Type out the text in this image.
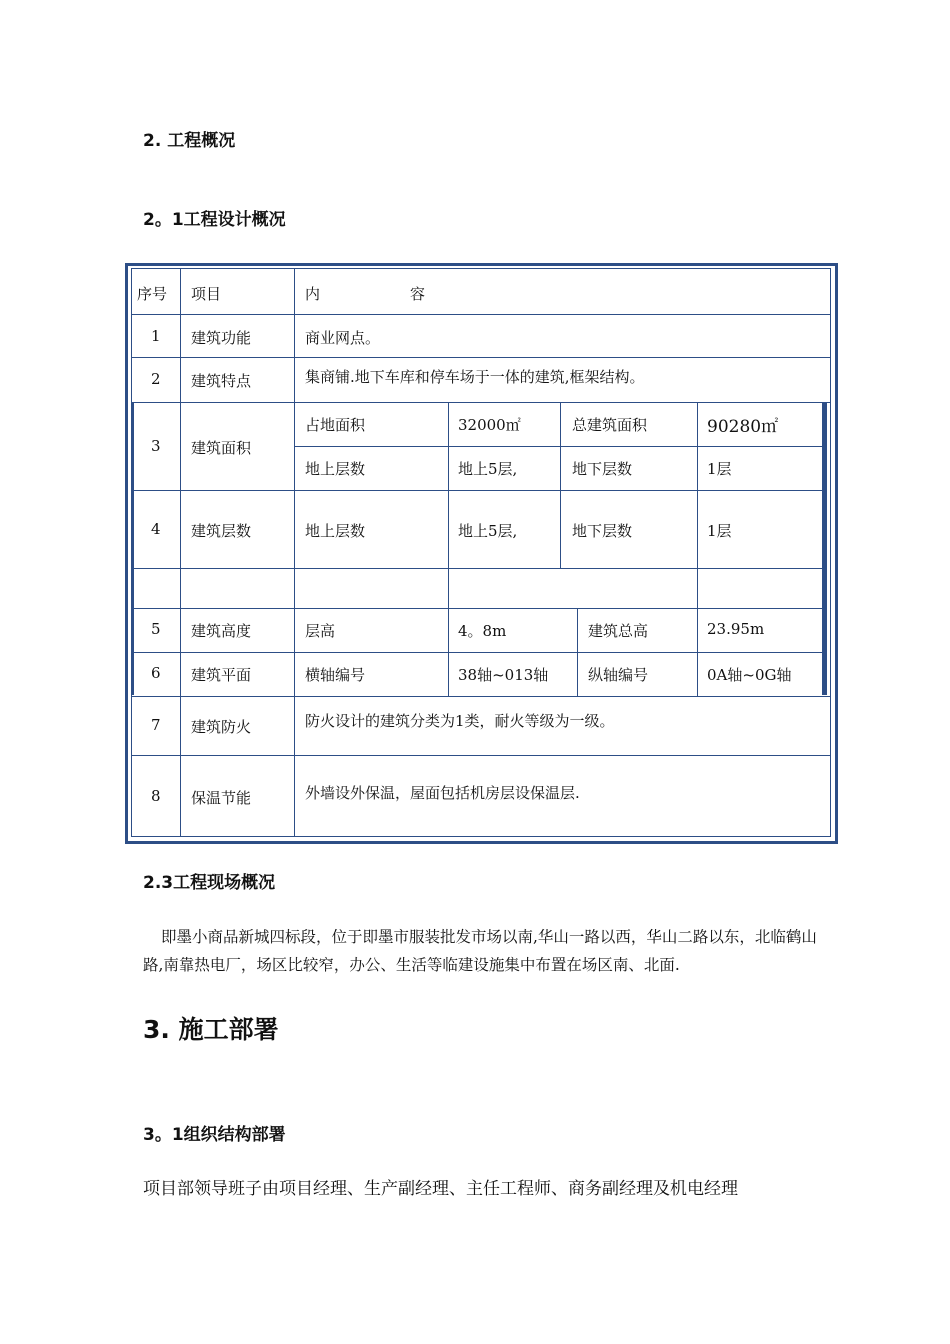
2. 工程概况
2。1工程设计概况
序号 项目	内　　　　　　容
1 建筑功能	商业网点。
2 建筑特点	集商铺.地下车库和停车场于一体的建筑,框架结构。
3 建筑面积
占地面积	32000㎡	总建筑面积	90280㎡
地上层数	地上5层,	地下层数	1层
4 建筑层数	地上层数	地上5层,	地下层数	1层
5 建筑高度	层高	4。8m	建筑总高	23.95m
6 建筑平面	横轴编号	38轴~013轴	纵轴编号	0A轴~0G轴
7 建筑防火	防火设计的建筑分类为1类，耐火等级为一级。
8 保温节能	外墙设外保温，屋面包括机房层设保温层.
2.3工程现场概况
即墨小商品新城四标段，位于即墨市服装批发市场以南,华山一路以西，华山二路以东，北临鹤山路,南靠热电厂，场区比较窄，办公、生活等临建设施集中布置在场区南、北面.
3. 施工部署
3。1组织结构部署
项目部领导班子由项目经理、生产副经理、主任工程师、商务副经理及机电经理
